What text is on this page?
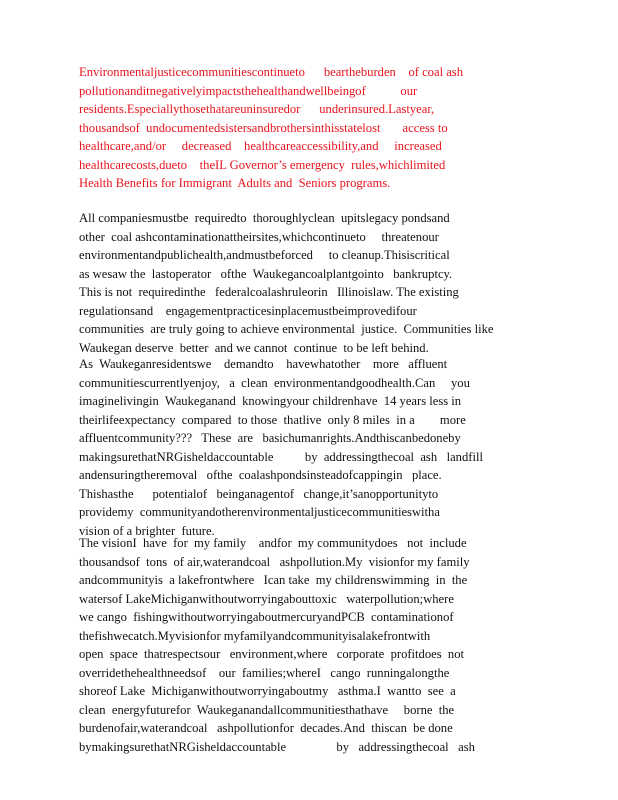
Environmentaljusticecommunitiescontinueto      beartheburden    of coal ash
pollutionanditnegativelyimpactsthehealthandwellbeingof           our
residents.Especiallythosethatareuninsuredor      underinsured.Lastyear,
thousandsof  undocumentedsistersandbrothersinthisstatelost       access to
healthcare,and/or     decreased    healthcareaccessibility,and     increased
healthcarecosts,dueto    theIL Governor’s emergency  rules,whichlimited
Health Benefits for Immigrant  Adults and  Seniors programs.
All companiesmustbe  requiredto  thoroughlyclean  upitslegacy pondsand
other  coal ashcontaminationattheirsites,whichcontinueto     threatenour
environmentandpublichealth,andmustbeforced     to cleanup.Thisiscritical
as wesaw the  lastoperator   ofthe  Waukegancoalplantgointo   bankruptcy.
This is not  requiredinthe   federalcoalashruleorin   Illinoislaw. The existing
regulationsand    engagementpracticesinplacemustbeimprovedifour
communities  are truly going to achieve environmental  justice.  Communities like
Waukegan deserve  better  and we cannot  continue  to be left behind.
As  Waukeganresidentswe    demandto    havewhatother    more   affluent
communitiescurrentlyenjoy,   a  clean  environmentandgoodhealth.Can     you
imaginelivingin  Waukeganand  knowingyour childrenhave  14 years less in
theirlifeexpectancy  compared  to those  thatlive  only 8 miles  in a        more
affluentcommunity???   These  are   basichumanrights.Andthiscanbedoneby
makingsurethatNRGisheldaccountable          by  addressingthecoal  ash   landfill
andensuringtheremoval   ofthe  coalashpondsinsteadofcappingin   place.
Thishasthe      potentialof   beinganagentof   change,it’sanopportunityto
providemy  communityandotherenvironmentaljusticecommunitieswitha
vision of a brighter  future.
The visionI  have  for  my family    andfor  my communitydoes   not  include
thousandsof  tons  of air,waterandcoal   ashpollution.My  visionfor my family
andcommunityis  a lakefrontwhere   Ican take  my childrenswimming  in  the
watersof LakeMichiganwithoutworryingabouttoxic   waterpollution;where
we cango  fishingwithoutworryingaboutmercuryandPCB  contaminationof
thefishwecatch.Myvisionfor myfamilyandcommunityisalakefrontwith
open  space  thatrespectsour   environment,where   corporate  profitdoes  not
overridethehealthneedsof    our  families;whereI   cango  runningalongthe
shoreof Lake  Michiganwithoutworryingaboutmy   asthma.I  wantto  see  a
clean  energyfuturefor  Waukeganandallcommunitiesthathave     borne  the
burdenofair,waterandcoal   ashpollutionfor  decades.And  thiscan  be done
bymakingsurethatNRGisheldaccountable                by   addressingthecoal   ash
